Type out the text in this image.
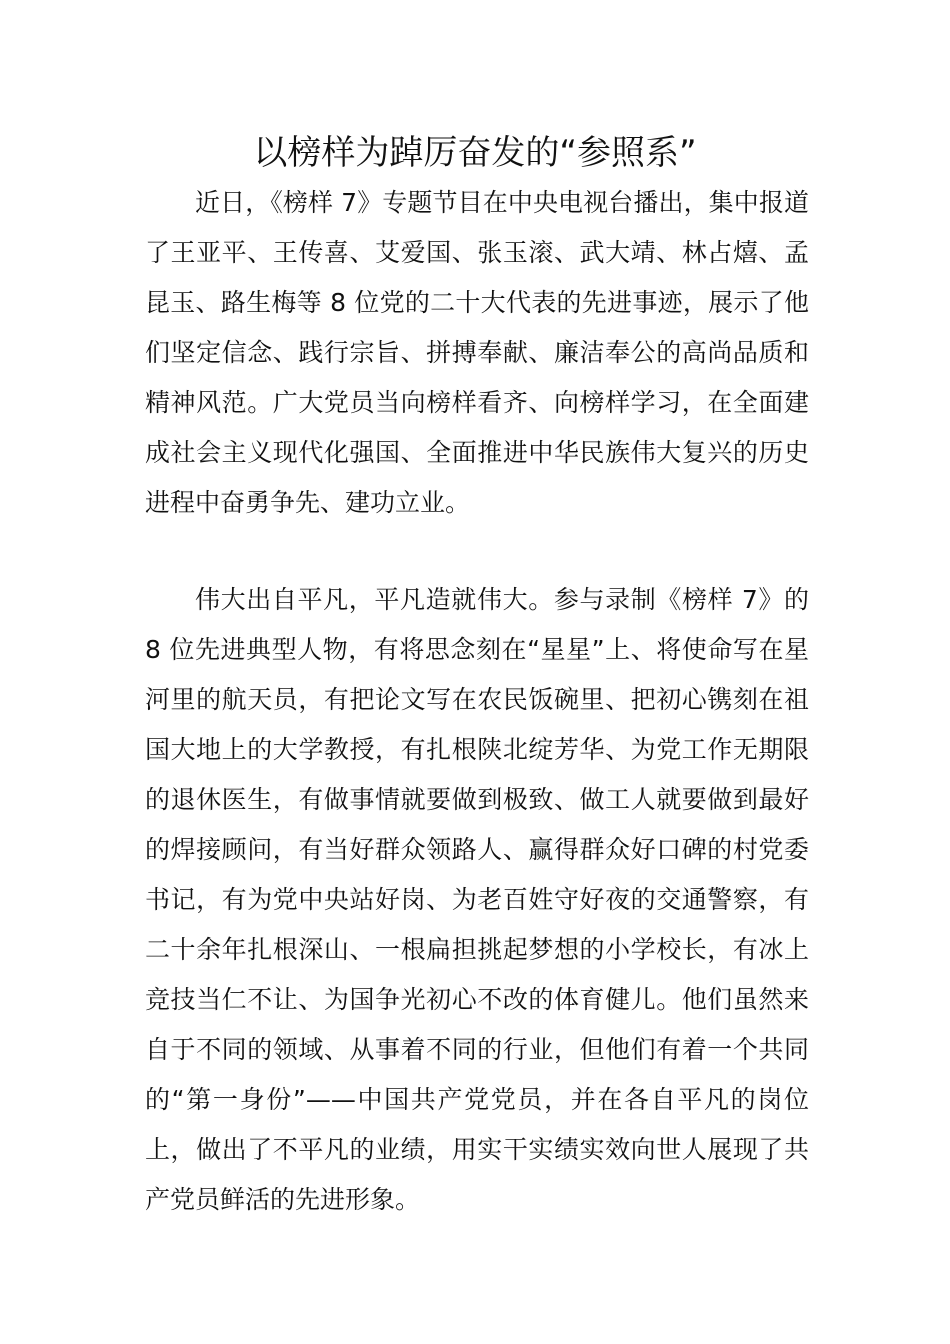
以榜样为踔厉奋发的“参照系”

近日，《榜样 7》专题节目在中央电视台播出，集中报道了王亚平、王传喜、艾爱国、张玉滚、武大靖、林占熺、孟昆玉、路生梅等 8 位党的二十大代表的先进事迹，展示了他们坚定信念、践行宗旨、拼搏奉献、廉洁奉公的高尚品质和精神风范。广大党员当向榜样看齐、向榜样学习，在全面建成社会主义现代化强国、全面推进中华民族伟大复兴的历史进程中奋勇争先、建功立业。

伟大出自平凡，平凡造就伟大。参与录制《榜样 7》的 8 位先进典型人物，有将思念刻在“星星”上、将使命写在星河里的航天员，有把论文写在农民饭碗里、把初心镌刻在祖国大地上的大学教授，有扎根陕北绽芳华、为党工作无期限的退休医生，有做事情就要做到极致、做工人就要做到最好的焊接顾问，有当好群众领路人、赢得群众好口碑的村党委书记，有为党中央站好岗、为老百姓守好夜的交通警察，有二十余年扎根深山、一根扁担挑起梦想的小学校长，有冰上竞技当仁不让、为国争光初心不改的体育健儿。他们虽然来自于不同的领域、从事着不同的行业，但他们有着一个共同的“第一身份”——中国共产党党员，并在各自平凡的岗位上，做出了不平凡的业绩，用实干实绩实效向世人展现了共产党员鲜活的先进形象。
